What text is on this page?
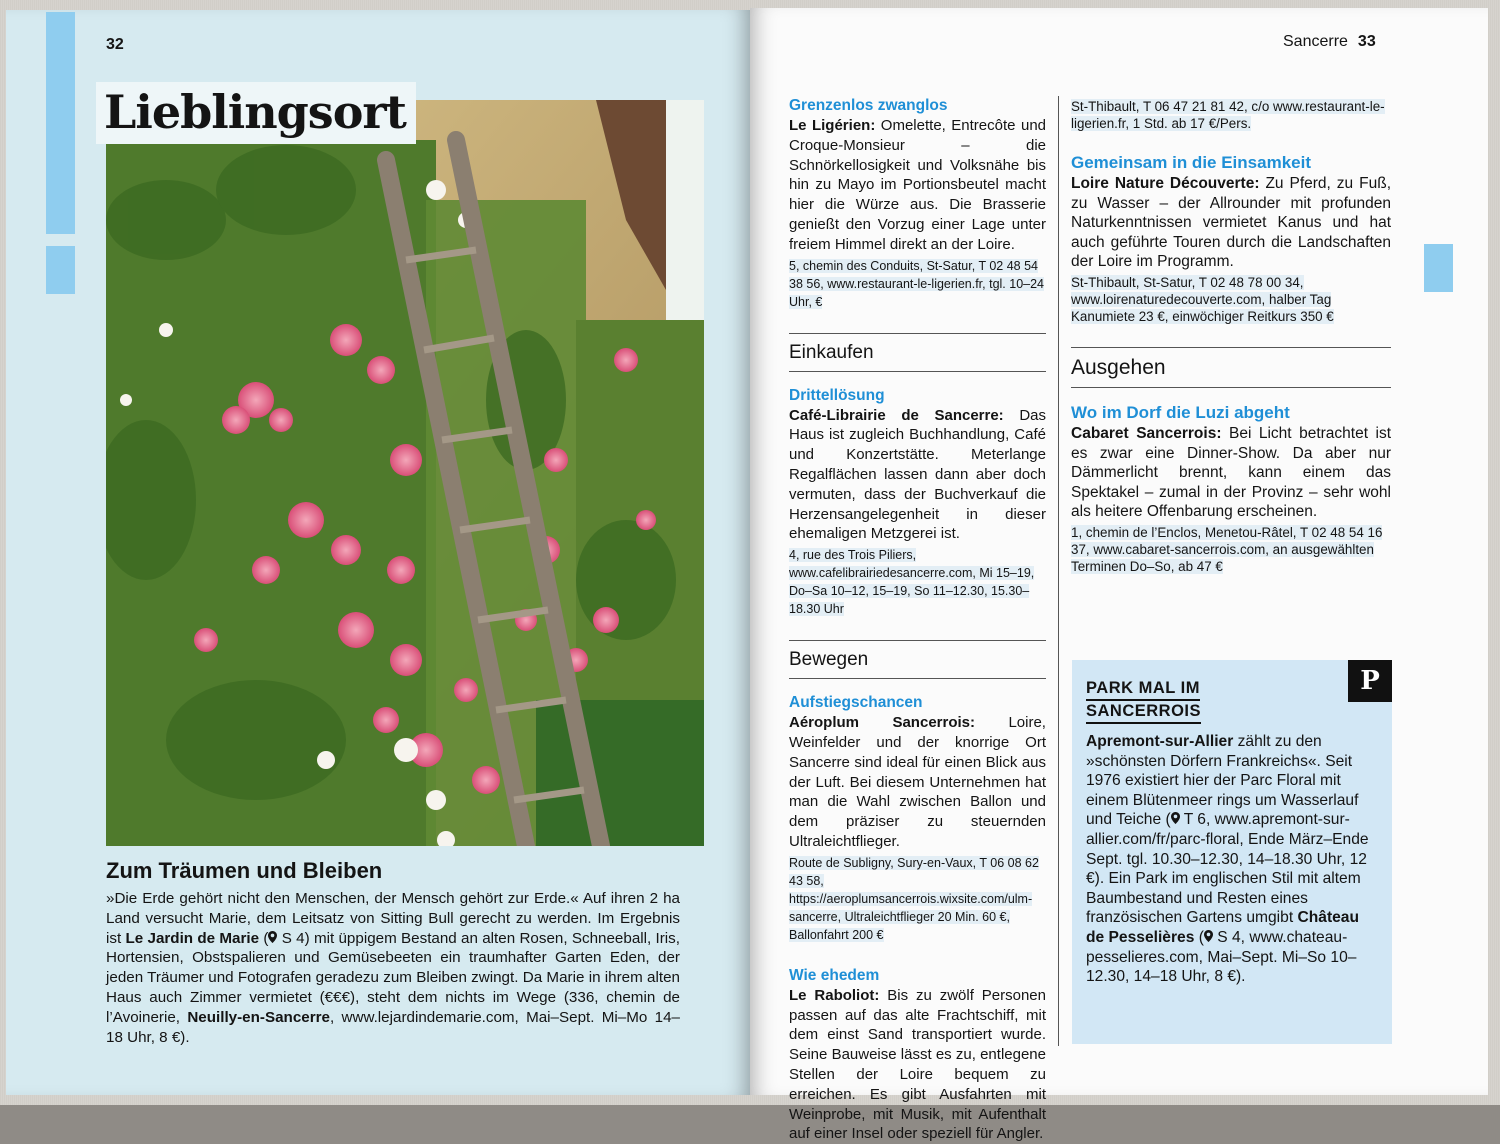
32
Lieblingsort
Zum Träumen und Bleiben
»Die Erde gehört nicht den Menschen, der Mensch gehört zur Erde.« Auf ihren 2 ha Land versucht Marie, dem Leitsatz von Sitting Bull gerecht zu werden. Im Ergebnis ist Le Jardin de Marie ( S 4) mit üppigem Bestand an alten Rosen, Schneeball, Iris, Hortensien, Obstspalieren und Gemüsebeeten ein traumhafter Garten Eden, der jeden Träumer und Fotografen geradezu zum Bleiben zwingt. Da Marie in ihrem alten Haus auch Zimmer vermietet (€€€), steht dem nichts im Wege (336, chemin de l’Avoinerie, Neuilly-en-Sancerre, www.lejardindemarie.com, Mai–Sept. Mi–Mo 14–18 Uhr, 8 €).
Sancerre 33
Grenzenlos zwanglos
Le Ligérien: Omelette, Entrecôte und Croque-Monsieur – die Schnörkellosigkeit und Volksnähe bis hin zu Mayo im Portionsbeutel macht hier die Würze aus. Die Brasserie genießt den Vorzug einer Lage unter freiem Himmel direkt an der Loire.
5, chemin des Conduits, St-Satur, T 02 48 54 38 56, www.restaurant-le-ligerien.fr, tgl. 10–24 Uhr, €
Einkaufen
Drittellösung
Café-Librairie de Sancerre: Das Haus ist zugleich Buchhandlung, Café und Konzertstätte. Meterlange Regalflächen lassen dann aber doch vermuten, dass der Buchverkauf die Herzensangelegenheit in dieser ehemaligen Metzgerei ist.
4, rue des Trois Piliers, www.cafelibrairiedesancerre.com, Mi 15–19, Do–Sa 10–12, 15–19, So 11–12.30, 15.30–18.30 Uhr
Bewegen
Aufstiegschancen
Aéroplum Sancerrois: Loire, Weinfelder und der knorrige Ort Sancerre sind ideal für einen Blick aus der Luft. Bei diesem Unternehmen hat man die Wahl zwischen Ballon und dem präziser zu steuernden Ultraleichtflieger.
Route de Subligny, Sury-en-Vaux, T 06 08 62 43 58, https://aeroplumsancerrois.wixsite.com/ulm-sancerre, Ultraleichtflieger 20 Min. 60 €, Ballonfahrt 200 €
Wie ehedem
Le Raboliot: Bis zu zwölf Personen passen auf das alte Frachtschiff, mit dem einst Sand transportiert wurde. Seine Bauweise lässt es zu, entlegene Stellen der Loire bequem zu erreichen. Es gibt Ausfahrten mit Weinprobe, mit Musik, mit Aufenthalt auf einer Insel oder speziell für Angler.
St-Thibault, T 06 47 21 81 42, c/o www.restaurant-le-ligerien.fr, 1 Std. ab 17 €/Pers.
Gemeinsam in die Einsamkeit
Loire Nature Découverte: Zu Pferd, zu Fuß, zu Wasser – der Allrounder mit profunden Naturkenntnissen vermietet Kanus und hat auch geführte Touren durch die Landschaften der Loire im Programm.
St-Thibault, St-Satur, T 02 48 78 00 34, www.loirenaturedecouverte.com, halber Tag Kanumiete 23 €, einwöchiger Reitkurs 350 €
Ausgehen
Wo im Dorf die Luzi abgeht
Cabaret Sancerrois: Bei Licht betrachtet ist es zwar eine Dinner-Show. Da aber nur Dämmerlicht brennt, kann einem das Spektakel – zumal in der Provinz – sehr wohl als heitere Offenbarung erscheinen.
1, chemin de l’Enclos, Menetou-Râtel, T 02 48 54 16 37, www.cabaret-sancerrois.com, an ausgewählten Terminen Do–So, ab 47 €
P
PARK MAL IM
SANCERROIS
Apremont-sur-Allier zählt zu den »schönsten Dörfern Frankreichs«. Seit 1976 existiert hier der Parc Floral mit einem Blütenmeer rings um Wasserlauf und Teiche ( T 6, www.apremont-sur-allier.com/fr/parc-floral, Ende März–Ende Sept. tgl. 10.30–12.30, 14–18.30 Uhr, 12 €). Ein Park im englischen Stil mit altem Baumbestand und Resten eines französischen Gartens umgibt Château de Pesselières ( S 4, www.chateau-pesselieres.com, Mai–Sept. Mi–So 10–12.30, 14–18 Uhr, 8 €).
